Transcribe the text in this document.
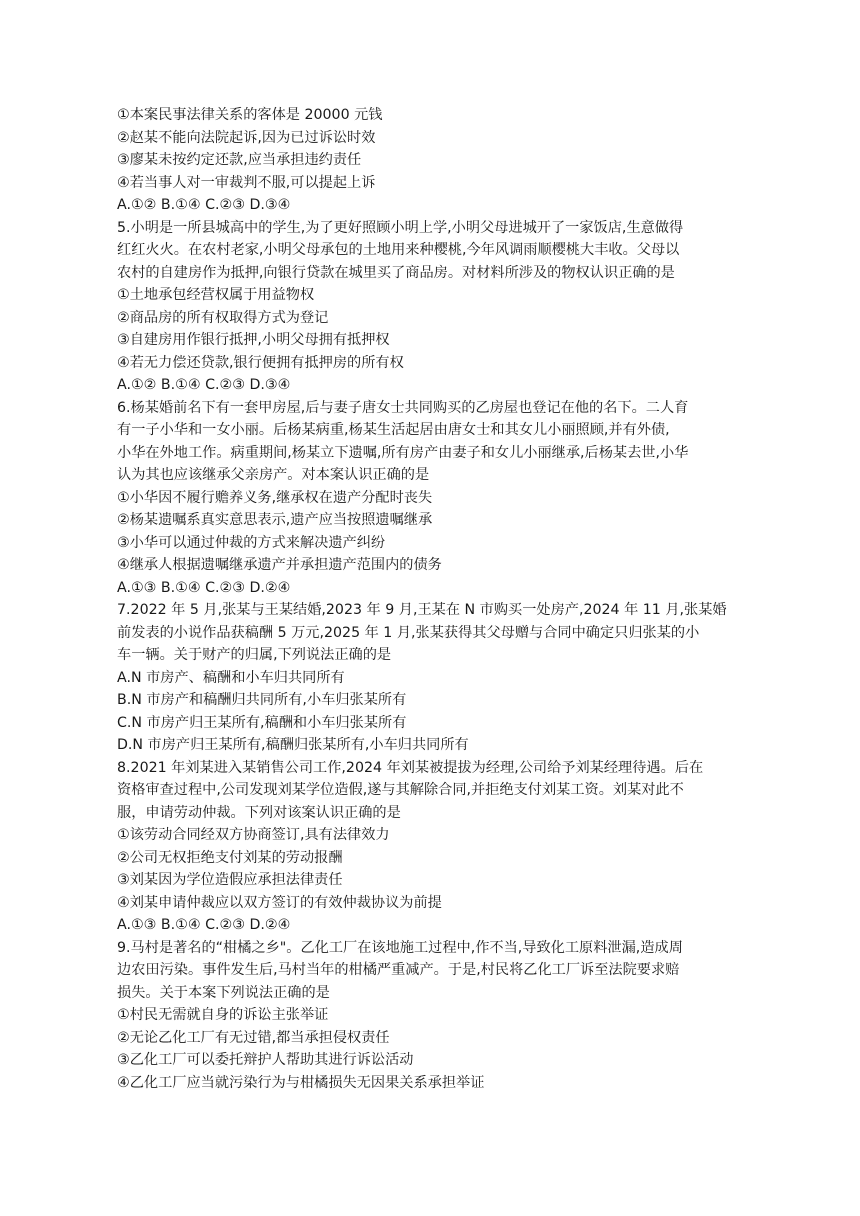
①本案民事法律关系的客体是 20000 元钱
②赵某不能向法院起诉,因为已过诉讼时效
③廖某未按约定还款,应当承担违约责任
④若当事人对一审裁判不服,可以提起上诉
A.①② B.①④ C.②③ D.③④
5.小明是一所县城高中的学生,为了更好照顾小明上学,小明父母进城开了一家饭店,生意做得
红红火火。在农村老家,小明父母承包的土地用来种樱桃,今年风调雨顺樱桃大丰收。父母以
农村的自建房作为抵押,向银行贷款在城里买了商品房。对材料所涉及的物权认识正确的是
①土地承包经营权属于用益物权
②商品房的所有权取得方式为登记
③自建房用作银行抵押,小明父母拥有抵押权
④若无力偿还贷款,银行便拥有抵押房的所有权
A.①② B.①④ C.②③ D.③④
6.杨某婚前名下有一套甲房屋,后与妻子唐女士共同购买的乙房屋也登记在他的名下。二人育
有一子小华和一女小丽。后杨某病重,杨某生活起居由唐女士和其女儿小丽照顾,并有外债,
小华在外地工作。病重期间,杨某立下遗嘱,所有房产由妻子和女儿小丽继承,后杨某去世,小华
认为其也应该继承父亲房产。对本案认识正确的是
①小华因不履行赡养义务,继承权在遗产分配时丧失
②杨某遗嘱系真实意思表示,遗产应当按照遗嘱继承
③小华可以通过仲裁的方式来解决遗产纠纷
④继承人根据遗嘱继承遗产并承担遗产范围内的债务
A.①③ B.①④ C.②③ D.②④
7.2022 年 5 月,张某与王某结婚,2023 年 9 月,王某在 N 市购买一处房产,2024 年 11 月,张某婚
前发表的小说作品获稿酬 5 万元,2025 年 1 月,张某获得其父母赠与合同中确定只归张某的小
车一辆。关于财产的归属,下列说法正确的是
A.N 市房产、稿酬和小车归共同所有
B.N 市房产和稿酬归共同所有,小车归张某所有
C.N 市房产归王某所有,稿酬和小车归张某所有
D.N 市房产归王某所有,稿酬归张某所有,小车归共同所有
8.2021 年刘某进入某销售公司工作,2024 年刘某被提拔为经理,公司给予刘某经理待遇。后在
资格审查过程中,公司发现刘某学位造假,遂与其解除合同,并拒绝支付刘某工资。刘某对此不
服，申请劳动仲裁。下列对该案认识正确的是
①该劳动合同经双方协商签订,具有法律效力
②公司无权拒绝支付刘某的劳动报酬
③刘某因为学位造假应承担法律责任
④刘某申请仲裁应以双方签订的有效仲裁协议为前提
A.①③ B.①④ C.②③ D.②④
9.马村是著名的“柑橘之乡"。乙化工厂在该地施工过程中,作不当,导致化工原料泄漏,造成周
边农田污染。事件发生后,马村当年的柑橘严重减产。于是,村民将乙化工厂诉至法院要求赔
损失。关于本案下列说法正确的是
①村民无需就自身的诉讼主张举证
②无论乙化工厂有无过错,都当承担侵权责任
③乙化工厂可以委托辩护人帮助其进行诉讼活动
④乙化工厂应当就污染行为与柑橘损失无因果关系承担举证
